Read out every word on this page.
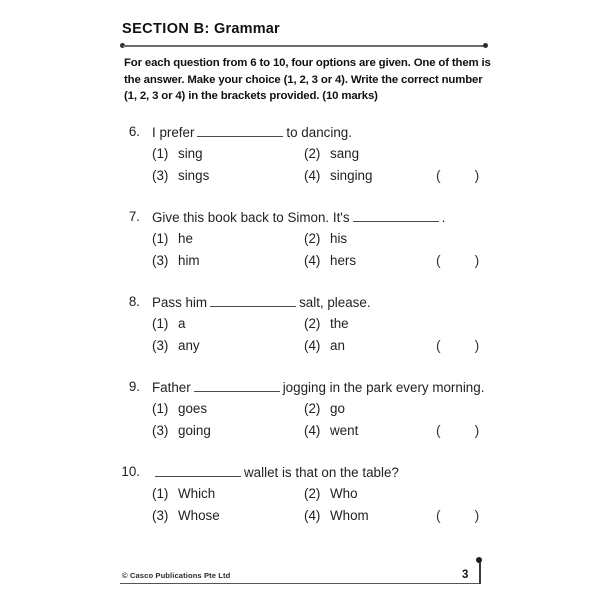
SECTION B: Grammar
For each question from 6 to 10, four options are given. One of them is the answer. Make your choice (1, 2, 3 or 4). Write the correct number (1, 2, 3 or 4) in the brackets provided. (10 marks)
6. I prefer	to dancing.
(1) sing	(2) sang
(3) sings	(4) singing	( )
7. Give this book back to Simon. It's	.
(1) he	(2) his
(3) him	(4) hers	( )
8. Pass him	salt, please.
(1) a	(2) the
(3) any	(4) an	( )
9. Father	jogging in the park every morning.
(1) goes	(2) go
(3) going	(4) went	( )
10.	wallet is that on the table?
(1) Which	(2) Who
(3) Whose	(4) Whom	( )
© Casco Publications Pte Ltd	3
